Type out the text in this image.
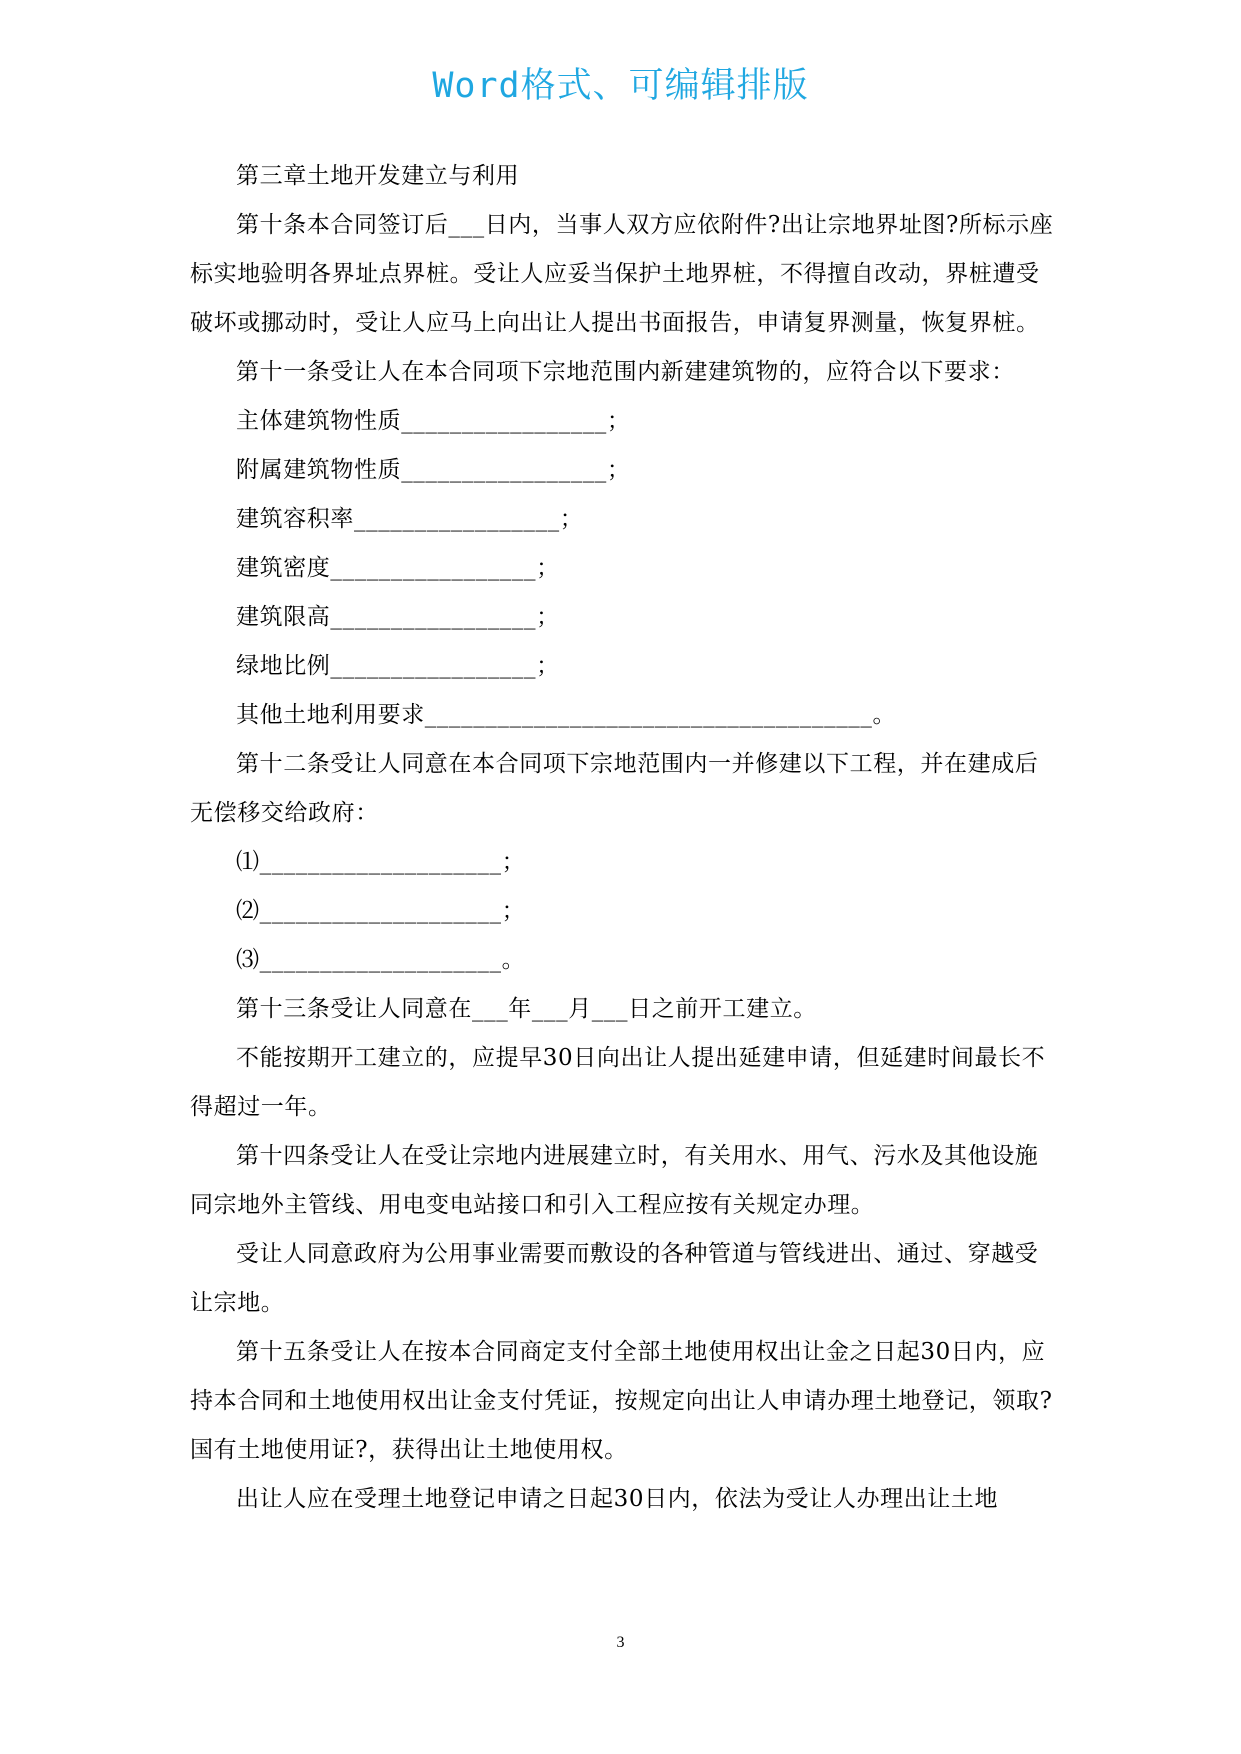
Word格式、可编辑排版

第三章土地开发建立与利用

第十条本合同签订后___日内，当事人双方应依附件?出让宗地界址图?所标示座标实地验明各界址点界桩。受让人应妥当保护土地界桩，不得擅自改动，界桩遭受破坏或挪动时，受让人应马上向出让人提出书面报告，申请复界测量，恢复界桩。

第十一条受让人在本合同项下宗地范围内新建建筑物的，应符合以下要求：

主体建筑物性质_________________；

附属建筑物性质_________________；

建筑容积率_________________；

建筑密度_________________；

建筑限高_________________；

绿地比例_________________；

其他土地利用要求_____________________________________。

第十二条受让人同意在本合同项下宗地范围内一并修建以下工程，并在建成后无偿移交给政府：

⑴____________________；

⑵____________________；

⑶____________________。

第十三条受让人同意在___年___月___日之前开工建立。

不能按期开工建立的，应提早30日向出让人提出延建申请，但延建时间最长不得超过一年。

第十四条受让人在受让宗地内进展建立时，有关用水、用气、污水及其他设施同宗地外主管线、用电变电站接口和引入工程应按有关规定办理。

受让人同意政府为公用事业需要而敷设的各种管道与管线进出、通过、穿越受让宗地。

第十五条受让人在按本合同商定支付全部土地使用权出让金之日起30日内，应持本合同和土地使用权出让金支付凭证，按规定向出让人申请办理土地登记，领取?国有土地使用证?，获得出让土地使用权。

出让人应在受理土地登记申请之日起30日内，依法为受让人办理出让土地

3
